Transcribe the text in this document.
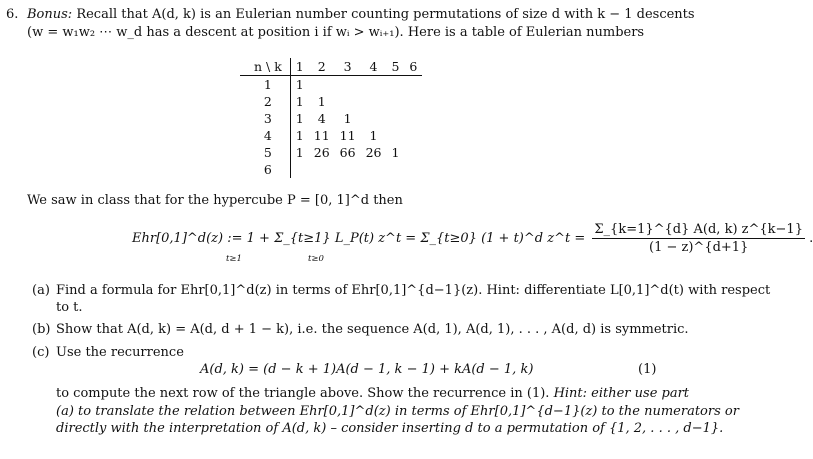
6. Bonus: Recall that A(d, k) is an Eulerian number counting permutations of size d with k − 1 descents
(w = w₁w₂ ⋯ w_d has a descent at position i if wᵢ > wᵢ₊₁). Here is a table of Eulerian numbers
n \ k	1	2	3	4	5	6
1	1					
2	1	1				
3	1	4	1			
4	1	11	11	1		
5	1	26	66	26	1	
6						
We saw in class that for the hypercube P = [0, 1]^d then
Ehr[0,1]^d(z) := 1 + Σ_{t≥1} L_P(t) z^t = Σ_{t≥0} (1 + t)^d z^t = $\frac{\Sigma\_\{k=1\}\^{}\{d\} A(d, k) z\^{}\{k-1\}}{(1 - z)\^{}\{d+1\}}$ .
t≥1	t≥0
(a) Find a formula for Ehr[0,1]^d(z) in terms of Ehr[0,1]^{d−1}(z). Hint: differentiate L[0,1]^d(t) with respect
to t.
(b) Show that A(d, k) = A(d, d + 1 − k), i.e. the sequence A(d, 1), A(d, 1), . . . , A(d, d) is symmetric.
(c) Use the recurrence
A(d, k) = (d − k + 1)A(d − 1, k − 1) + kA(d − 1, k)	(1)
to compute the next row of the triangle above. Show the recurrence in (1). Hint: either use part
(a) to translate the relation between Ehr[0,1]^d(z) in terms of Ehr[0,1]^{d−1}(z) to the numerators or
directly with the interpretation of A(d, k) – consider inserting d to a permutation of {1, 2, . . . , d−1}.
